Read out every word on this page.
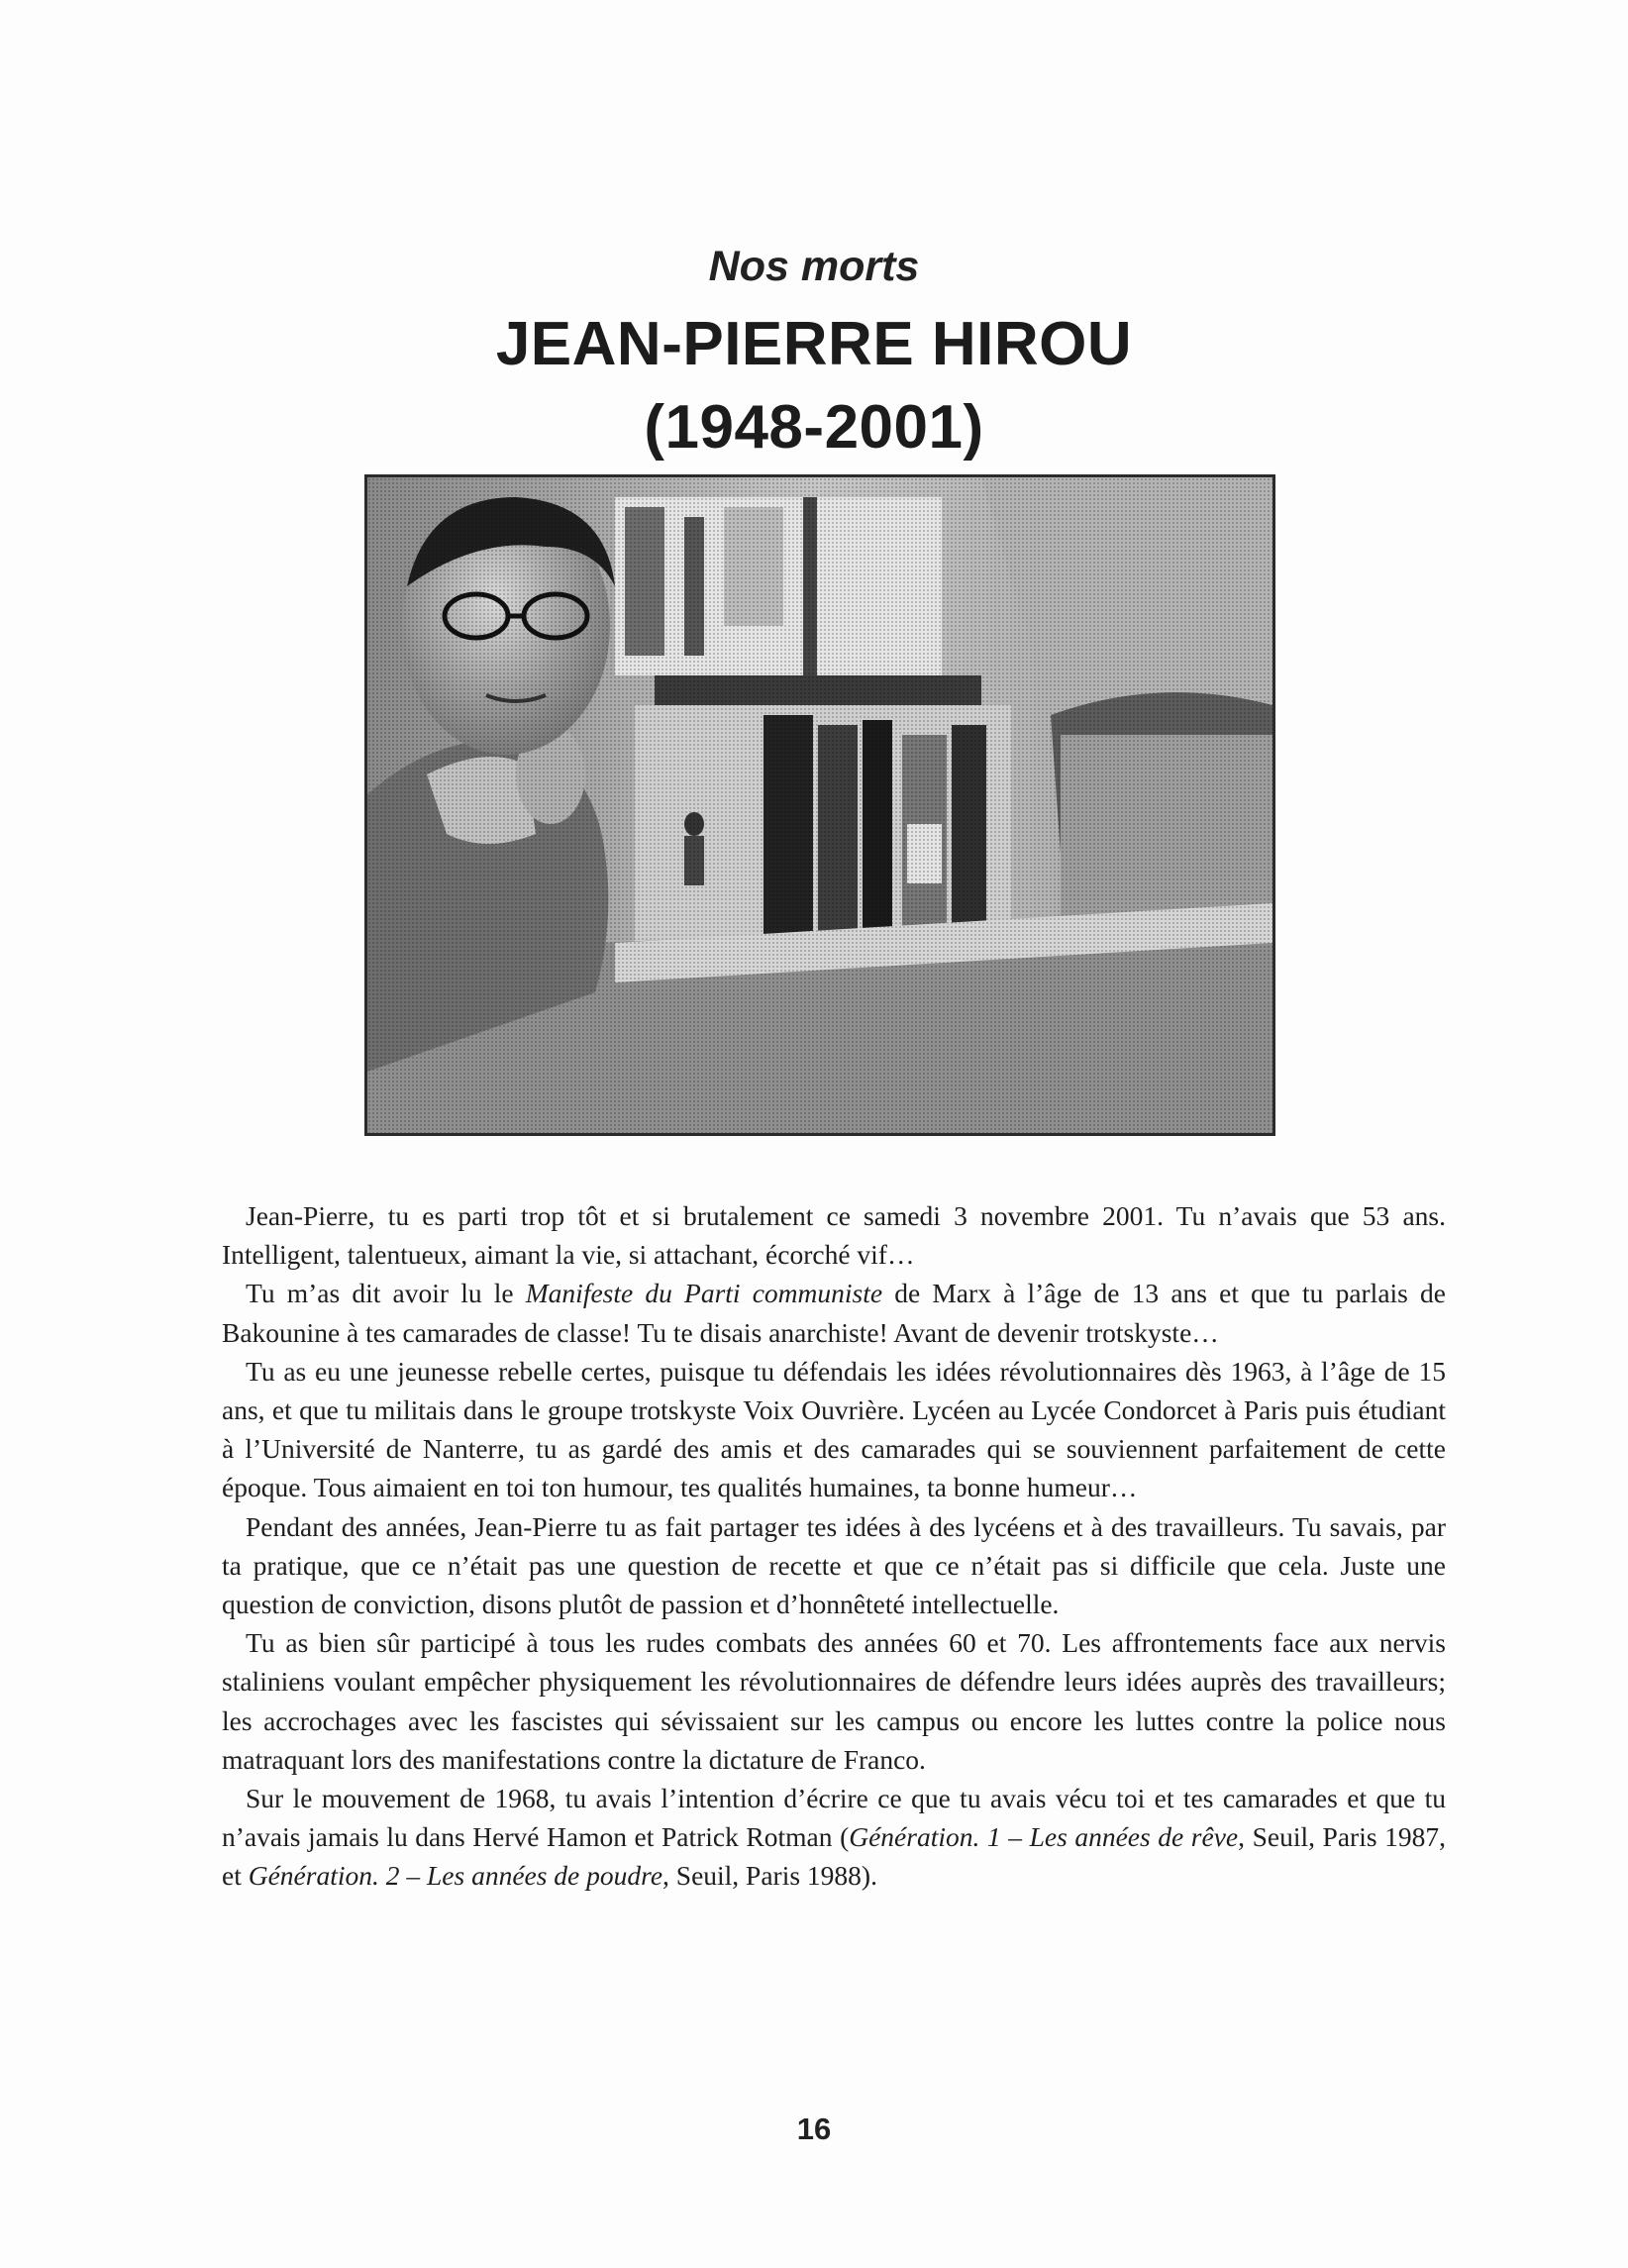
Nos morts
JEAN-PIERRE HIROU
(1948-2001)

Jean-Pierre, tu es parti trop tôt et si brutalement ce samedi 3 novembre 2001. Tu n’avais que 53 ans. Intelligent, talentueux, aimant la vie, si attachant, écorché vif…

Tu m’as dit avoir lu le Manifeste du Parti communiste de Marx à l’âge de 13 ans et que tu parlais de Bakounine à tes camarades de classe! Tu te disais anarchiste! Avant de devenir trotskyste…

Tu as eu une jeunesse rebelle certes, puisque tu défendais les idées révolutionnaires dès 1963, à l’âge de 15 ans, et que tu militais dans le groupe trotskyste Voix Ouvrière. Lycéen au Lycée Condorcet à Paris puis étudiant à l’Université de Nanterre, tu as gardé des amis et des camarades qui se souviennent parfaitement de cette époque. Tous aimaient en toi ton humour, tes qualités humaines, ta bonne humeur…

Pendant des années, Jean-Pierre tu as fait partager tes idées à des lycéens et à des travailleurs. Tu savais, par ta pratique, que ce n’était pas une question de recette et que ce n’était pas si difficile que cela. Juste une question de conviction, disons plutôt de passion et d’honnêteté intellectuelle.

Tu as bien sûr participé à tous les rudes combats des années 60 et 70. Les affrontements face aux nervis staliniens voulant empêcher physiquement les révolutionnaires de défendre leurs idées auprès des travailleurs; les accrochages avec les fascistes qui sévissaient sur les campus ou encore les luttes contre la police nous matraquant lors des manifestations contre la dictature de Franco.

Sur le mouvement de 1968, tu avais l’intention d’écrire ce que tu avais vécu toi et tes camarades et que tu n’avais jamais lu dans Hervé Hamon et Patrick Rotman (Génération. 1 – Les années de rêve, Seuil, Paris 1987, et Génération. 2 – Les années de poudre, Seuil, Paris 1988).

16
